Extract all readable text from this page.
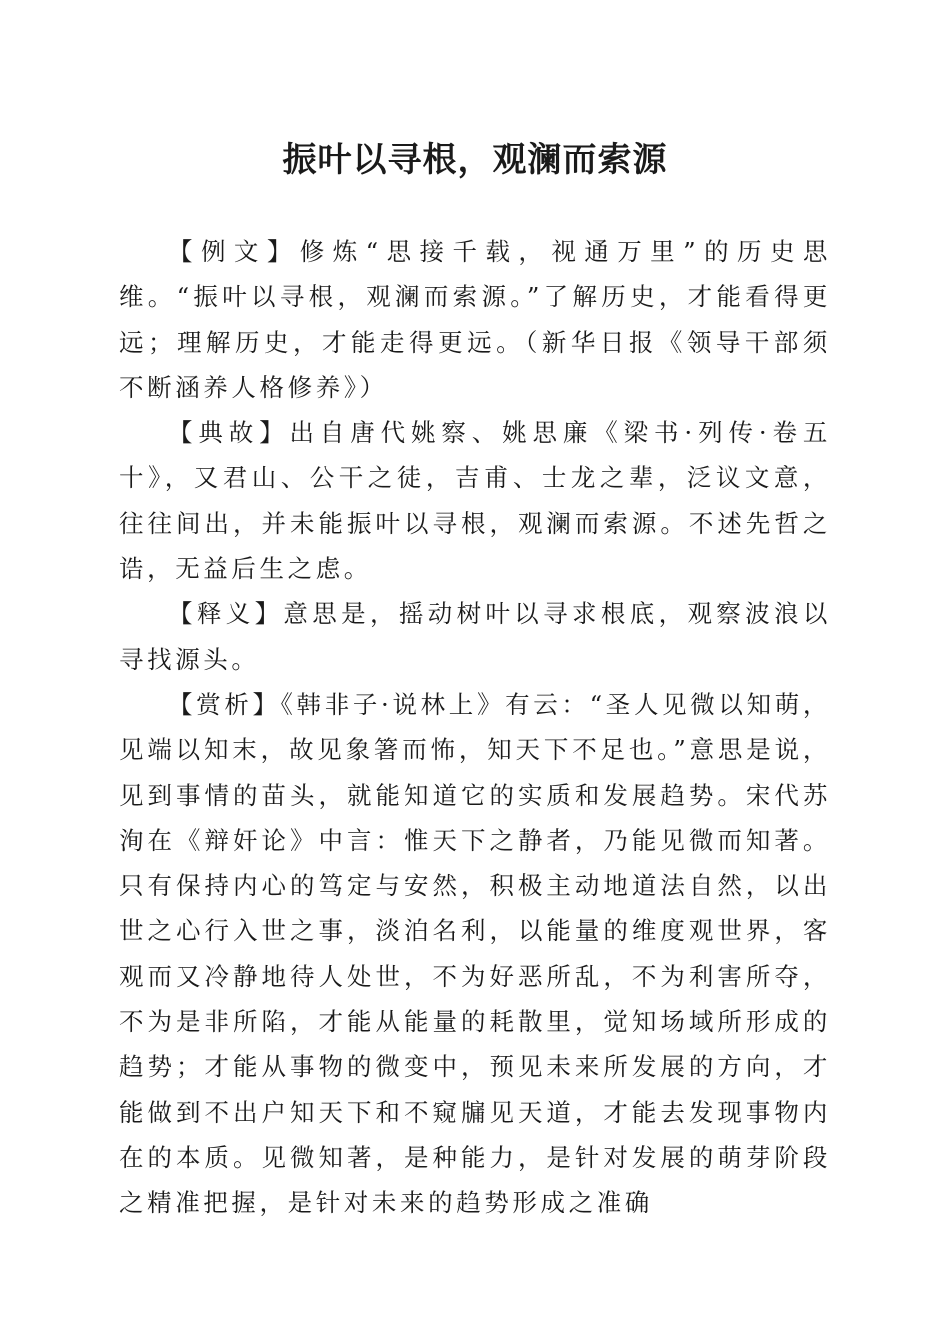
振叶以寻根，观澜而索源

【例文】修炼“思接千载，视通万里”的历史思维。“振叶以寻根，观澜而索源。”了解历史，才能看得更远；理解历史，才能走得更远。（新华日报《领导干部须不断涵养人格修养》）

【典故】出自唐代姚察、姚思廉《梁书·列传·卷五十》，又君山、公干之徒，吉甫、士龙之辈，泛议文意，往往间出，并未能振叶以寻根，观澜而索源。不述先哲之诰，无益后生之虑。

【释义】意思是，摇动树叶以寻求根底，观察波浪以寻找源头。

【赏析】《韩非子·说林上》有云：“圣人见微以知萌，见端以知末，故见象箸而怖，知天下不足也。”意思是说，见到事情的苗头，就能知道它的实质和发展趋势。宋代苏洵在《辩奸论》中言：惟天下之静者，乃能见微而知著。只有保持内心的笃定与安然，积极主动地道法自然，以出世之心行入世之事，淡泊名利，以能量的维度观世界，客观而又冷静地待人处世，不为好恶所乱，不为利害所夺，不为是非所陷，才能从能量的耗散里，觉知场域所形成的趋势；才能从事物的微变中，预见未来所发展的方向，才能做到不出户知天下和不窥牖见天道，才能去发现事物内在的本质。见微知著，是种能力，是针对发展的萌芽阶段之精准把握，是针对未来的趋势形成之准确
